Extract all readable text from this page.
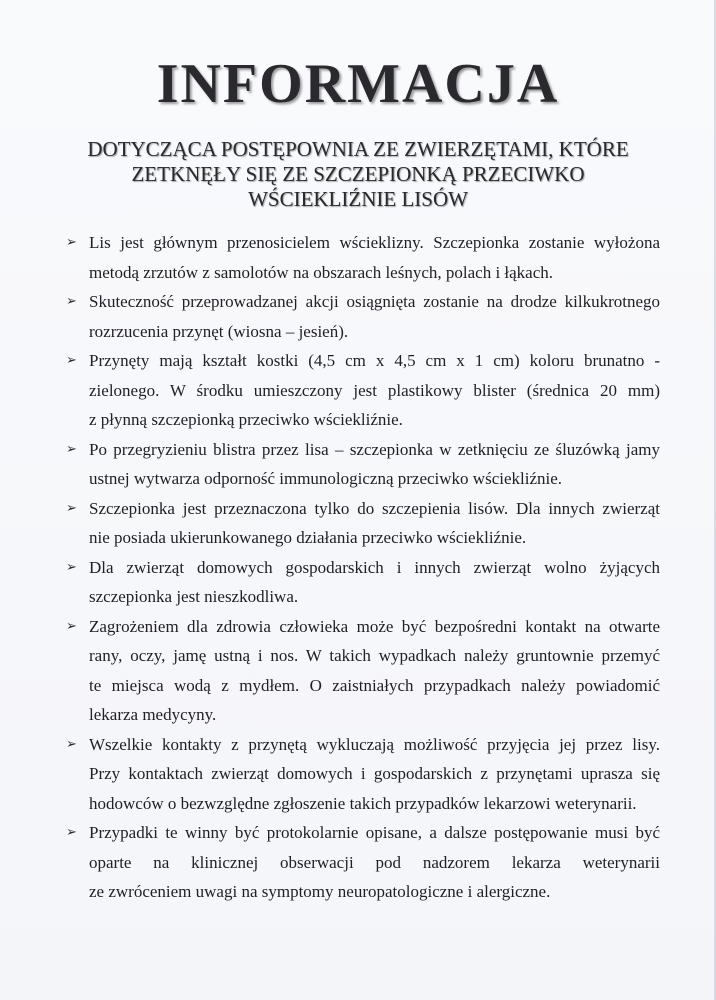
INFORMACJA
DOTYCZĄCA POSTĘPOWNIA ZE ZWIERZĘTAMI, KTÓRE
ZETKNĘŁY SIĘ ZE SZCZEPIONKĄ PRZECIWKO
WŚCIEKLIŹNIE LISÓW
➢ Lis jest głównym przenosicielem wścieklizny. Szczepionka zostanie wyłożona
metodą zrzutów z samolotów na obszarach leśnych, polach i łąkach.
➢ Skuteczność przeprowadzanej akcji osiągnięta zostanie na drodze kilkukrotnego
rozrzucenia przynęt (wiosna – jesień).
➢ Przynęty mają kształt kostki (4,5 cm x 4,5 cm x 1 cm) koloru brunatno -
zielonego. W środku umieszczony jest plastikowy blister (średnica 20 mm)
z płynną szczepionką przeciwko wściekliźnie.
➢ Po przegryzieniu blistra przez lisa – szczepionka w zetknięciu ze śluzówką jamy
ustnej wytwarza odporność immunologiczną przeciwko wściekliźnie.
➢ Szczepionka jest przeznaczona tylko do szczepienia lisów. Dla innych zwierząt
nie posiada ukierunkowanego działania przeciwko wściekliźnie.
➢ Dla zwierząt domowych gospodarskich i innych zwierząt wolno żyjących
szczepionka jest nieszkodliwa.
➢ Zagrożeniem dla zdrowia człowieka może być bezpośredni kontakt na otwarte
rany, oczy, jamę ustną i nos. W takich wypadkach należy gruntownie przemyć
te miejsca wodą z mydłem. O zaistniałych przypadkach należy powiadomić
lekarza medycyny.
➢ Wszelkie kontakty z przynętą wykluczają możliwość przyjęcia jej przez lisy.
Przy kontaktach zwierząt domowych i gospodarskich z przynętami uprasza się
hodowców o bezwzględne zgłoszenie takich przypadków lekarzowi weterynarii.
➢ Przypadki te winny być protokolarnie opisane, a dalsze postępowanie musi być
oparte na klinicznej obserwacji pod nadzorem lekarza weterynarii
ze zwróceniem uwagi na symptomy neuropatologiczne i alergiczne.
